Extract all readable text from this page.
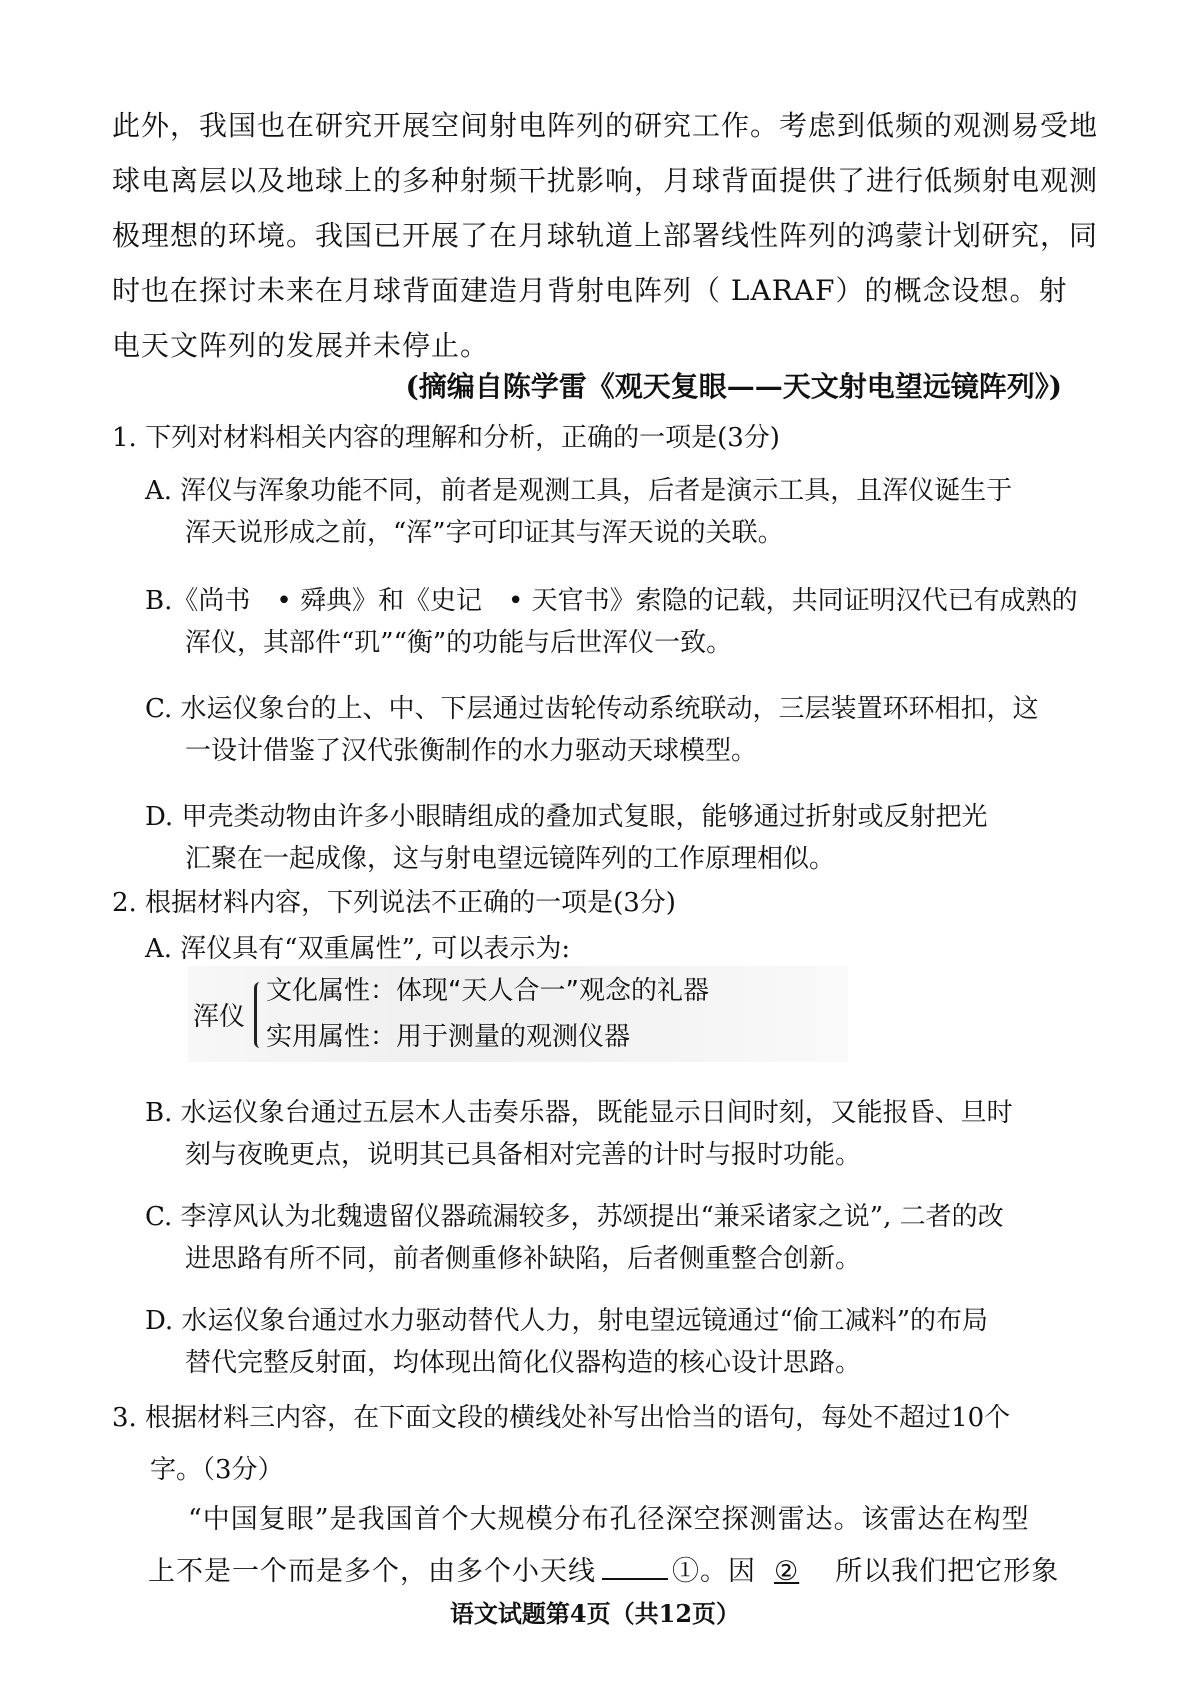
此外，我国也在研究开展空间射电阵列的研究工作。考虑到低频的观测易受地
球电离层以及地球上的多种射频干扰影响，月球背面提供了进行低频射电观测
极理想的环境。我国已开展了在月球轨道上部署线性阵列的鸿蒙计划研究，同
时也在探讨未来在月球背面建造月背射电阵列（ LARAF）的概念设想。射
电天文阵列的发展并未停止。

(摘编自陈学雷《观天复眼——天文射电望远镜阵列》)

1. 下列对材料相关内容的理解和分析，正确的一项是(3分)

A. 浑仪与浑象功能不同，前者是观测工具，后者是演示工具，且浑仪诞生于
浑天说形成之前，“浑”字可印证其与浑天说的关联。
B.《尚书　• 舜典》和《史记　• 天官书》索隐的记载，共同证明汉代已有成熟的
浑仪，其部件“玑”“衡”的功能与后世浑仪一致。
C. 水运仪象台的上、中、下层通过齿轮传动系统联动，三层装置环环相扣，这
一设计借鉴了汉代张衡制作的水力驱动天球模型。
D. 甲壳类动物由许多小眼睛组成的叠加式复眼，能够通过折射或反射把光
汇聚在一起成像，这与射电望远镜阵列的工作原理相似。

2. 根据材料内容，下列说法不正确的一项是(3分)

A. 浑仪具有“双重属性”, 可以表示为:
浑仪
文化属性：体现“天人合一”观念的礼器
实用属性：用于测量的观测仪器
B. 水运仪象台通过五层木人击奏乐器，既能显示日间时刻，又能报昏、旦时
刻与夜晚更点，说明其已具备相对完善的计时与报时功能。
C. 李淳风认为北魏遗留仪器疏漏较多，苏颂提出“兼采诸家之说”, 二者的改
进思路有所不同，前者侧重修补缺陷，后者侧重整合创新。
D. 水运仪象台通过水力驱动替代人力，射电望远镜通过“偷工减料”的布局
替代完整反射面，均体现出简化仪器构造的核心设计思路。

3. 根据材料三内容，在下面文段的横线处补写出恰当的语句，每处不超过10个
字。（3分）

“中国复眼”是我国首个大规模分布孔径深空探测雷达。该雷达在构型
上不是一个而是多个，由多个小天线	①。因 ② 所以我们把它形象

语文试题第4页（共12页）
